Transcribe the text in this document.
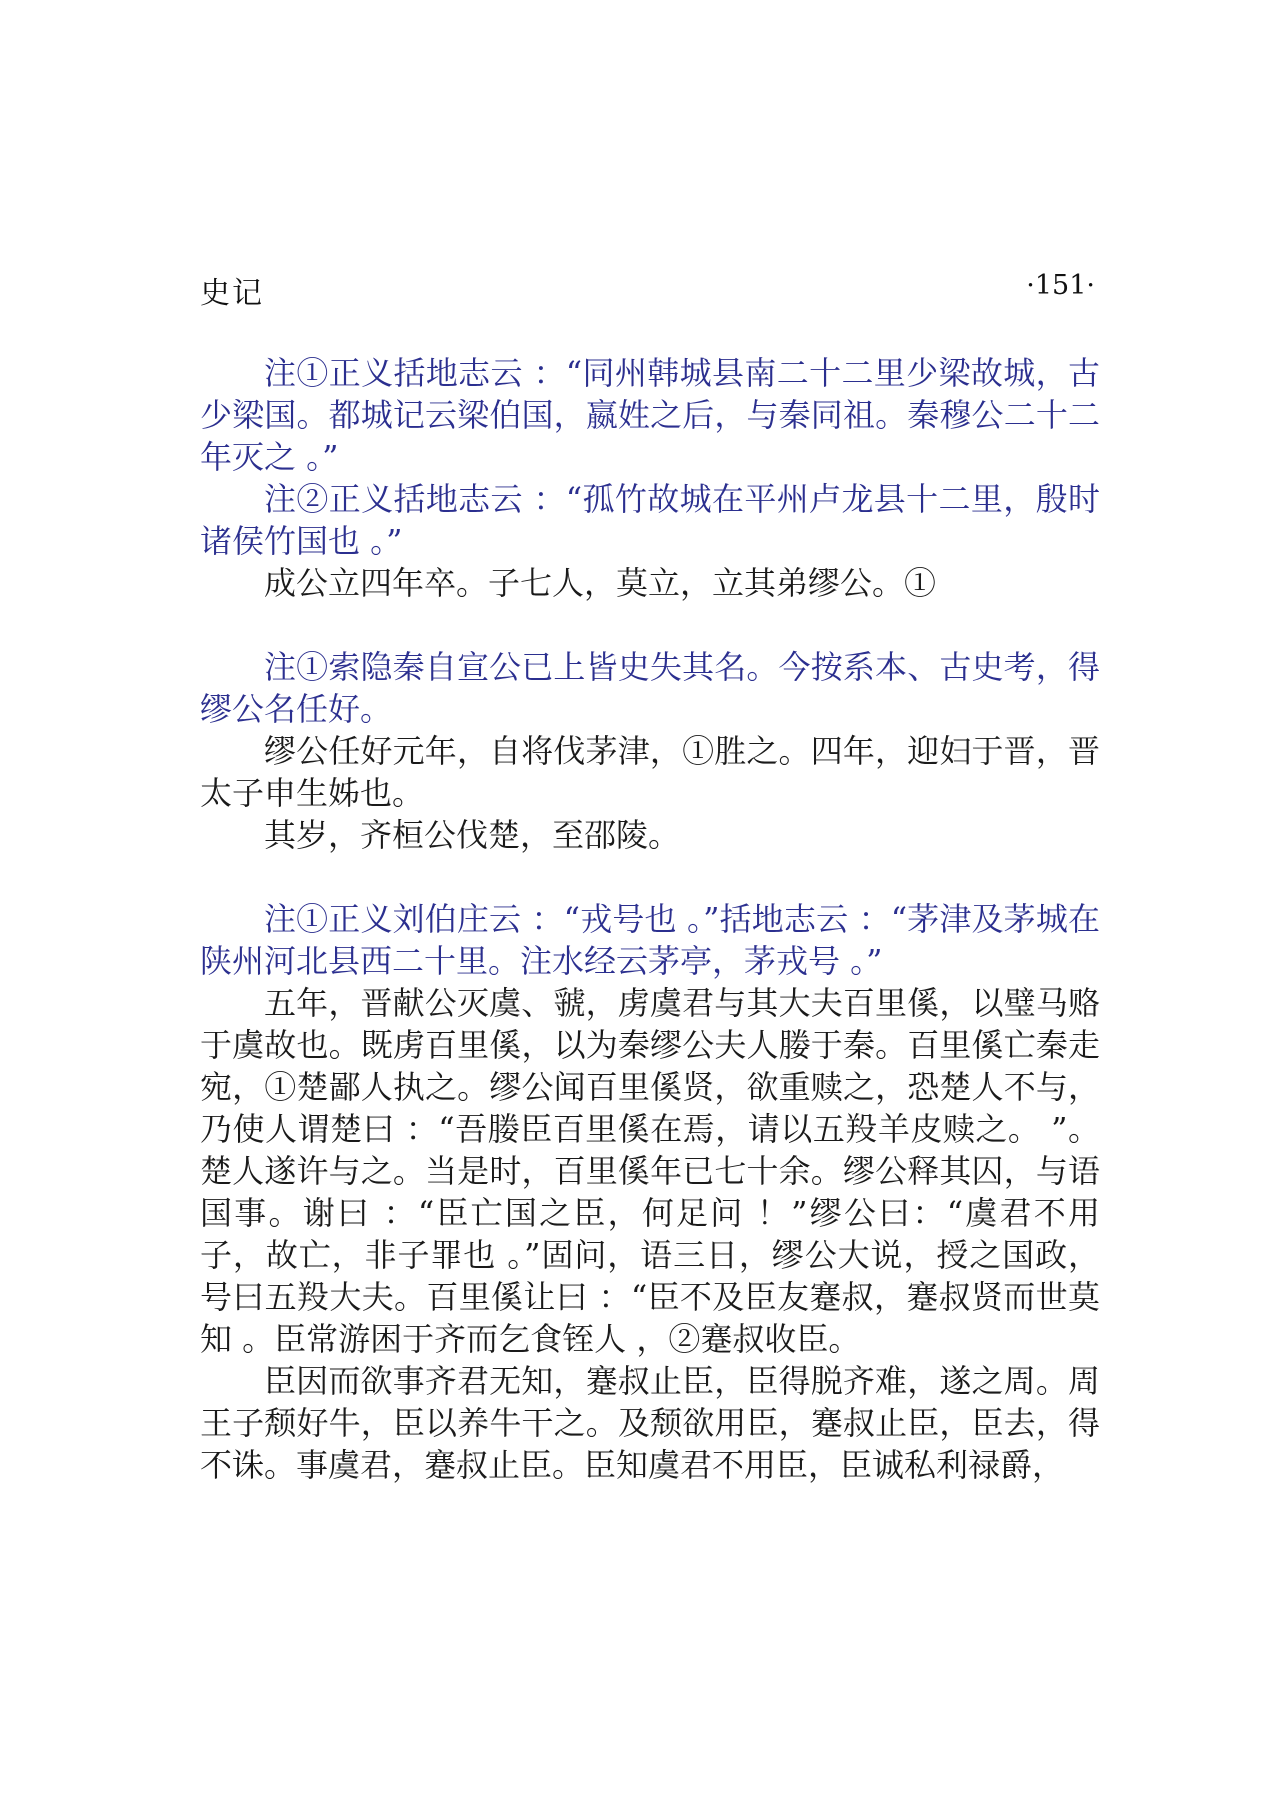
史记	·151·

注①正义括地志云 ：“同州韩城县南二十二里少梁故城，古少梁国。都城记云梁伯国，嬴姓之后，与秦同祖。秦穆公二十二年灭之 。”

注②正义括地志云 ：“孤竹故城在平州卢龙县十二里，殷时诸侯竹国也 。”

成公立四年卒。子七人，莫立，立其弟缪公。①

注①索隐秦自宣公已上皆史失其名。今按系本、古史考，得缪公名任好。

缪公任好元年，自将伐茅津，①胜之。四年，迎妇于晋，晋太子申生姊也。

其岁，齐桓公伐楚，至邵陵。

注①正义刘伯庄云 ：“戎号也 。”括地志云 ：“茅津及茅城在陕州河北县西二十里。注水经云茅亭，茅戎号 。”

五年，晋献公灭虞、虢，虏虞君与其大夫百里傒，以璧马赂于虞故也。既虏百里傒，以为秦缪公夫人媵于秦。百里傒亡秦走宛，①楚鄙人执之。缪公闻百里傒贤，欲重赎之，恐楚人不与，乃使人谓楚曰 ：“吾媵臣百里傒在焉，请以五羖羊皮赎之。 ”。楚人遂许与之。当是时，百里傒年已七十余。缪公释其囚，与语国事。谢曰 ：“臣亡国之臣，何足问 ！”缪公曰：“虞君不用子，故亡，非子罪也 。”固问，语三日，缪公大说，授之国政，号曰五羖大夫。百里傒让曰 ：“臣不及臣友蹇叔，蹇叔贤而世莫知 。臣常游困于齐而乞食铚人 ，②蹇叔收臣。

臣因而欲事齐君无知，蹇叔止臣，臣得脱齐难，遂之周。周王子颓好牛，臣以养牛干之。及颓欲用臣，蹇叔止臣，臣去，得不诛。事虞君，蹇叔止臣。臣知虞君不用臣，臣诚私利禄爵，
